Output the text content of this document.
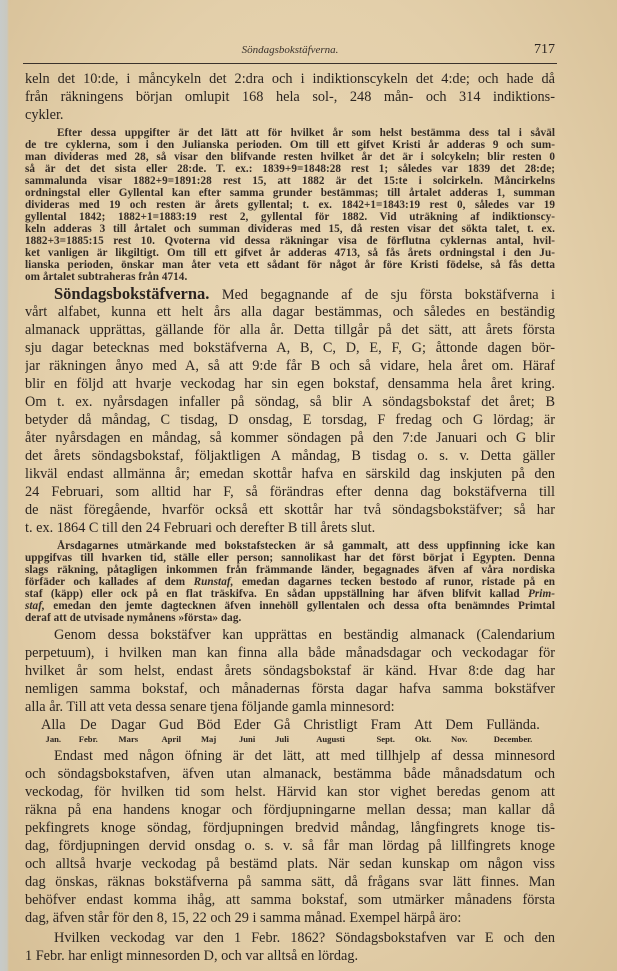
Söndagsbokstäfverna.	717
keln det 10:de, i måncykeln det 2:dra och i indiktionscykeln det 4:de; och hade då
från räkningens början omlupit 168 hela sol-, 248 mån- och 314 indiktions-
cykler.
Efter dessa uppgifter är det lätt att för hvilket år som helst bestämma dess tal i såväl
de tre cyklerna, som i den Julianska perioden. Om till ett gifvet Kristi år adderas 9 och sum-
man divideras med 28, så visar den blifvande resten hvilket år det är i solcykeln; blir resten 0
så är det det sista eller 28:de. T. ex.: 1839+9=1848:28 rest 1; således var 1839 det 28:de;
sammalunda visar 1882+9=1891:28 rest 15, att 1882 är det 15:te i solcirkeln. Måncirkelns
ordningstal eller Gyllental kan efter samma grunder bestämmas; till årtalet adderas 1, summan
divideras med 19 och resten är årets gyllental; t. ex. 1842+1=1843:19 rest 0, således var 19
gyllental 1842; 1882+1=1883:19 rest 2, gyllental för 1882. Vid uträkning af indiktionscy-
keln adderas 3 till årtalet och summan divideras med 15, då resten visar det sökta talet, t. ex.
1882+3=1885:15 rest 10. Qvoterna vid dessa räkningar visa de förflutna cyklernas antal, hvil-
ket vanligen är likgiltigt. Om till ett gifvet år adderas 4713, så fås årets ordningstal i den Ju-
lianska perioden, önskar man åter veta ett sådant för något år före Kristi födelse, så fås detta
om årtalet subtraheras från 4714.
Söndagsbokstäfverna. Med begagnande af de sju första bokstäfverna i
vårt alfabet, kunna ett helt års alla dagar bestämmas, och således en beständig
almanack upprättas, gällande för alla år. Detta tillgår på det sätt, att årets första
sju dagar betecknas med bokstäfverna A, B, C, D, E, F, G; åttonde dagen bör-
jar räkningen ånyo med A, så att 9:de får B och så vidare, hela året om. Häraf
blir en följd att hvarje veckodag har sin egen bokstaf, densamma hela året kring.
Om t. ex. nyårsdagen infaller på söndag, så blir A söndagsbokstaf det året; B
betyder då måndag, C tisdag, D onsdag, E torsdag, F fredag och G lördag; är
åter nyårsdagen en måndag, så kommer söndagen på den 7:de Januari och G blir
det årets söndagsbokstaf, följaktligen A måndag, B tisdag o. s. v. Detta gäller
likväl endast allmänna år; emedan skottår hafva en särskild dag inskjuten på den
24 Februari, som alltid har F, så förändras efter denna dag bokstäfverna till
de näst föregående, hvarför också ett skottår har två söndagsbokstäfver; så har
t. ex. 1864 C till den 24 Februari och derefter B till årets slut.
Årsdagarnes utmärkande med bokstafstecken är så gammalt, att dess uppfinning icke kan
uppgifvas till hvarken tid, ställe eller person; sannolikast har det först börjat i Egypten. Denna
slags räkning, påtagligen inkommen från främmande länder, begagnades äfven af våra nordiska
förfäder och kallades af dem Runstaf, emedan dagarnes tecken bestodo af runor, ristade på en
staf (käpp) eller ock på en flat träskifva. En sådan uppställning har äfven blifvit kallad Prim-
staf, emedan den jemte dagtecknen äfven innehöll gyllentalen och dessa ofta benämndes Primtal
deraf att de utvisade nymånens »första» dag.
Genom dessa bokstäfver kan upprättas en beständig almanack (Calendarium
perpetuum), i hvilken man kan finna alla både månadsdagar och veckodagar för
hvilket år som helst, endast årets söndagsbokstaf är känd. Hvar 8:de dag har
nemligen samma bokstaf, och månadernas första dagar hafva samma bokstäfver
alla år. Till att veta dessa senare tjena följande gamla minnesord:
Alla
Jan.
De
Febr.
Dagar
Mars
Gud
April
Böd
Maj
Eder
Juni
Gå
Juli
Christligt
Augusti
Fram
Sept.
Att
Okt.
Dem
Nov.
Fulländа.
December.
Endast med någon öfning är det lätt, att med tillhjelp af dessa minnesord
och söndagsbokstafven, äfven utan almanack, bestämma både månadsdatum och
veckodag, för hvilken tid som helst. Härvid kan stor vighet beredas genom att
räkna på ena handens knogar och fördjupningarne mellan dessa; man kallar då
pekfingrets knoge söndag, fördjupningen bredvid måndag, långfingrets knoge tis-
dag, fördjupningen dervid onsdag o. s. v. så får man lördag på lillfingrets knoge
och alltså hvarje veckodag på bestämd plats. När sedan kunskap om någon viss
dag önskas, räknas bokstäfverna på samma sätt, då frågans svar lätt finnes. Man
behöfver endast komma ihåg, att samma bokstaf, som utmärker månadens första
dag, äfven står för den 8, 15, 22 och 29 i samma månad. Exempel härpå äro:
Hvilken veckodag var den 1 Febr. 1862? Söndagsbokstafven var E och den
1 Febr. har enligt minnesorden D, och var alltså en lördag.
